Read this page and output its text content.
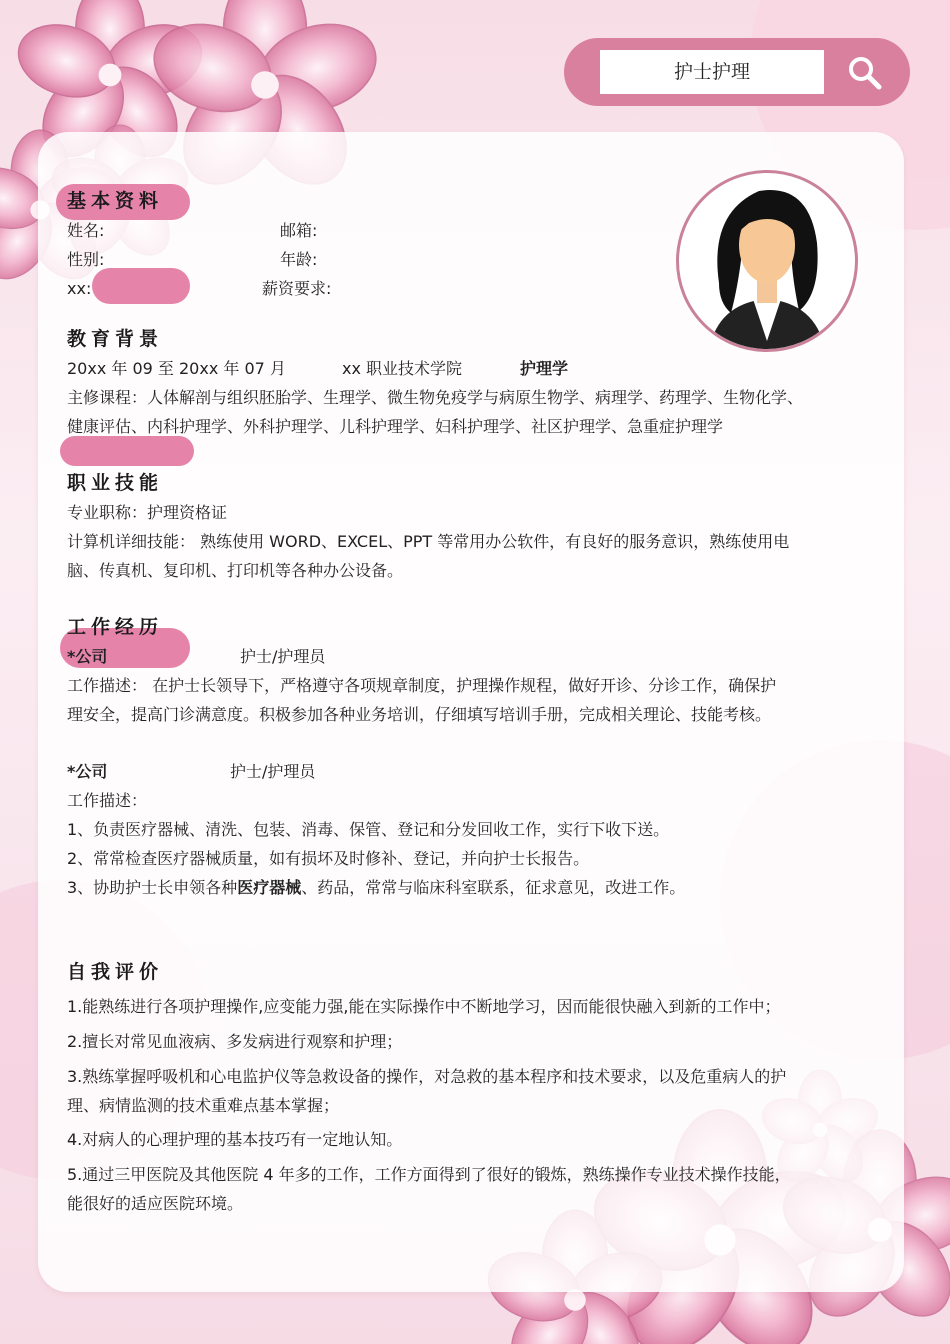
护士护理
基本资料
姓名:	邮箱:
性别:	年龄:
xx:	薪资要求:
教育背景
20xx 年 09 至 20xx 年 07 月	xx 职业技术学院	护理学
主修课程：人体解剖与组织胚胎学、生理学、微生物免疫学与病原生物学、病理学、药理学、生物化学、
健康评估、内科护理学、外科护理学、儿科护理学、妇科护理学、社区护理学、急重症护理学
职业技能
专业职称：护理资格证
计算机详细技能： 熟练使用 WORD、EXCEL、PPT 等常用办公软件，有良好的服务意识，熟练使用电
脑、传真机、复印机、打印机等各种办公设备。
工作经历
*公司	护士/护理员
工作描述： 在护士长领导下，严格遵守各项规章制度，护理操作规程，做好开诊、分诊工作，确保护
理安全，提高门诊满意度。积极参加各种业务培训，仔细填写培训手册，完成相关理论、技能考核。
*公司	护士/护理员
工作描述：
1、负责医疗器械、清洗、包装、消毒、保管、登记和分发回收工作，实行下收下送。
2、常常检查医疗器械质量，如有损坏及时修补、登记，并向护士长报告。
3、协助护士长申领各种医疗器械、药品，常常与临床科室联系，征求意见，改进工作。
自我评价
1.能熟练进行各项护理操作,应变能力强,能在实际操作中不断地学习，因而能很快融入到新的工作中；
2.擅长对常见血液病、多发病进行观察和护理；
3.熟练掌握呼吸机和心电监护仪等急救设备的操作，对急救的基本程序和技术要求，以及危重病人的护
理、病情监测的技术重难点基本掌握；
4.对病人的心理护理的基本技巧有一定地认知。
5.通过三甲医院及其他医院 4 年多的工作，工作方面得到了很好的锻炼，熟练操作专业技术操作技能，
能很好的适应医院环境。
